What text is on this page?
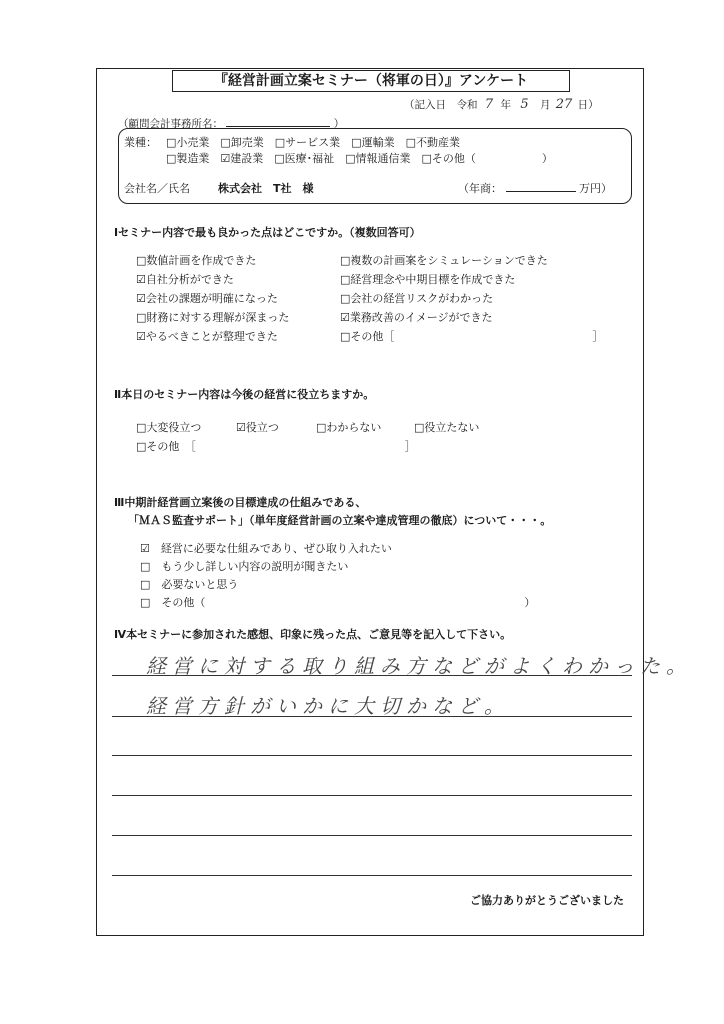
『経営計画立案セミナー（将軍の日）』アンケート
（記入日　令和 7 年 5 月 27 日）
（顧問会計事務所名：	）
業種： □小売業　□卸売業　□サービス業　□運輸業　□不動産業
□製造業　☑建設業　□医療･福祉　□情報通信業　□その他（　　　　　　）
会社名／氏名	株式会社　T社　様	（年商：	万円）
Ⅰセミナー内容で最も良かった点はどこですか。（複数回答可）
□数値計画を作成できた
☑自社分析ができた
☑会社の課題が明確になった
□財務に対する理解が深まった
☑やるべきことが整理できた
□複数の計画案をシミュレーションできた
□経営理念や中期目標を作成できた
□会社の経営リスクがわかった
☑業務改善のイメージができた
□その他［　　　　　　　　　　　　　　　　　　］
Ⅱ本日のセミナー内容は今後の経営に役立ちますか。
□大変役立つ	☑役立つ	□わからない	□役立たない
□その他　［　　　　　　　　　　　　　　　　　　　］
Ⅲ中期計経営画立案後の目標達成の仕組みである、
「ＭＡＳ監査サポート」（単年度経営計画の立案や達成管理の徹底）について・・・。
☑　経営に必要な仕組みであり、ぜひ取り入れたい
□　もう少し詳しい内容の説明が聞きたい
□　必要ないと思う
□　その他（　　　　　　　　　　　　　　　　　　　　　　　　　　　　　）
Ⅳ本セミナーに参加された感想、印象に残った点、ご意見等を記入して下さい。
経営に対する取り組み方などがよくわかった。
経営方針がいかに大切かなど。
ご協力ありがとうございました
